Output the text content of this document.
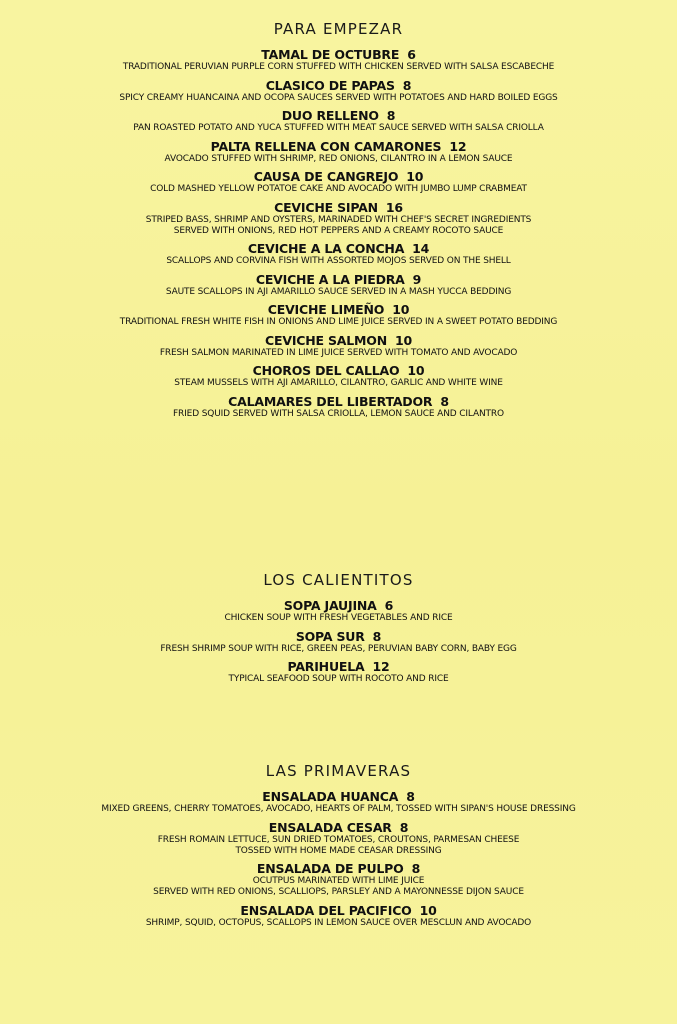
PARA EMPEZAR
TAMAL DE OCTUBRE 6
TRADITIONAL PERUVIAN PURPLE CORN STUFFED WITH CHICKEN SERVED WITH SALSA ESCABECHE
CLASICO DE PAPAS 8
SPICY CREAMY HUANCAINA AND OCOPA SAUCES SERVED WITH POTATOES AND HARD BOILED EGGS
DUO RELLENO 8
PAN ROASTED POTATO AND YUCA STUFFED WITH MEAT SAUCE SERVED WITH SALSA CRIOLLA
PALTA RELLENA CON CAMARONES 12
AVOCADO STUFFED WITH SHRIMP, RED ONIONS, CILANTRO IN A LEMON SAUCE
CAUSA DE CANGREJO 10
COLD MASHED YELLOW POTATOE CAKE AND AVOCADO WITH JUMBO LUMP CRABMEAT
CEVICHE SIPAN 16
STRIPED BASS, SHRIMP AND OYSTERS, MARINADED WITH CHEF'S SECRET INGREDIENTS
SERVED WITH ONIONS, RED HOT PEPPERS AND A CREAMY ROCOTO SAUCE
CEVICHE A LA CONCHA 14
SCALLOPS AND CORVINA FISH WITH ASSORTED MOJOS SERVED ON THE SHELL
CEVICHE A LA PIEDRA 9
SAUTE SCALLOPS IN AJI AMARILLO SAUCE SERVED IN A MASH YUCCA BEDDING
CEVICHE LIMEÑO 10
TRADITIONAL FRESH WHITE FISH IN ONIONS AND LIME JUICE SERVED IN A SWEET POTATO BEDDING
CEVICHE SALMON 10
FRESH SALMON MARINATED IN LIME JUICE SERVED WITH TOMATO AND AVOCADO
CHOROS DEL CALLAO 10
STEAM MUSSELS WITH AJI AMARILLO, CILANTRO, GARLIC AND WHITE WINE
CALAMARES DEL LIBERTADOR 8
FRIED SQUID SERVED WITH SALSA CRIOLLA, LEMON SAUCE AND CILANTRO
LOS CALIENTITOS
SOPA JAUJINA 6
CHICKEN SOUP WITH FRESH VEGETABLES AND RICE
SOPA SUR 8
FRESH SHRIMP SOUP WITH RICE, GREEN PEAS, PERUVIAN BABY CORN, BABY EGG
PARIHUELA 12
TYPICAL SEAFOOD SOUP WITH ROCOTO AND RICE
LAS PRIMAVERAS
ENSALADA HUANCA 8
MIXED GREENS, CHERRY TOMATOES, AVOCADO, HEARTS OF PALM, TOSSED WITH SIPAN'S HOUSE DRESSING
ENSALADA CESAR 8
FRESH ROMAIN LETTUCE, SUN DRIED TOMATOES, CROUTONS, PARMESAN CHEESE
TOSSED WITH HOME MADE CEASAR DRESSING
ENSALADA DE PULPO 8
OCUTPUS MARINATED WITH LIME JUICE
SERVED WITH RED ONIONS, SCALLIOPS, PARSLEY AND A MAYONNESSE DIJON SAUCE
ENSALADA DEL PACIFICO 10
SHRIMP, SQUID, OCTOPUS, SCALLOPS IN LEMON SAUCE OVER MESCLUN AND AVOCADO
